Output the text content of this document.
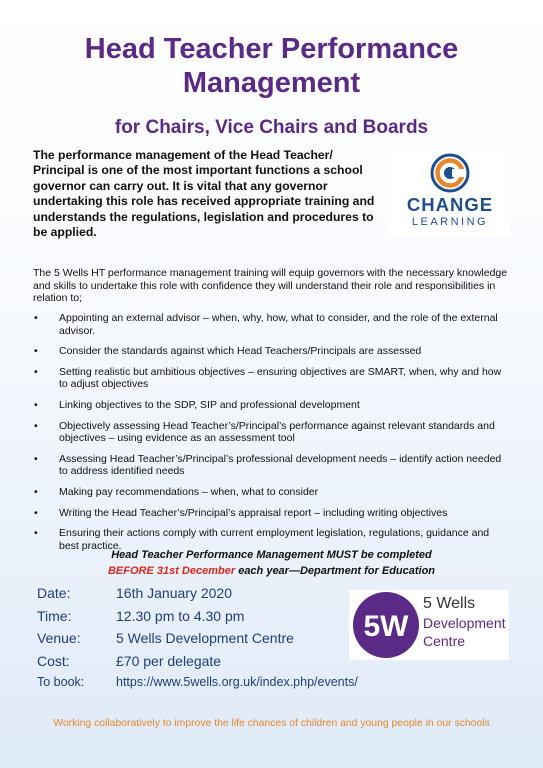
Head Teacher Performance
Management
for Chairs, Vice Chairs and Boards
The performance management of the Head Teacher/ Principal is one of the most important functions a school governor can carry out. It is vital that any governor undertaking this role has received appropriate training and understands the regulations, legislation and procedures to be applied.
CHANGE
LEARNING
The 5 Wells HT performance management training will equip governors with the necessary knowledge and skills to undertake this role with confidence they will understand their role and responsibilities in relation to;
• Appointing an external advisor – when, why, how, what to consider, and the role of the external advisor.
• Consider the standards against which Head Teachers/Principals are assessed
• Setting realistic but ambitious objectives – ensuring objectives are SMART, when, why and how to adjust objectives
• Linking objectives to the SDP, SIP and professional development
• Objectively assessing Head Teacher’s/Principal’s performance against relevant standards and objectives – using evidence as an assessment tool
• Assessing Head Teacher’s/Principal’s professional development needs – identify action needed to address identified needs
• Making pay recommendations – when, what to consider
• Writing the Head Teacher’s/Principal’s appraisal report – including writing objectives
• Ensuring their actions comply with current employment legislation, regulations, guidance and best practice.
Head Teacher Performance Management MUST be completed
BEFORE 31st December each year—Department for Education
Date:	16th January 2020
Time:	12.30 pm to 4.30 pm
Venue:	5 Wells Development Centre
Cost:	£70 per delegate
To book:	https://www.5wells.org.uk/index.php/events/
5W
5 Wells
Development
Centre
Working collaboratively to improve the life chances of children and young people in our schools
